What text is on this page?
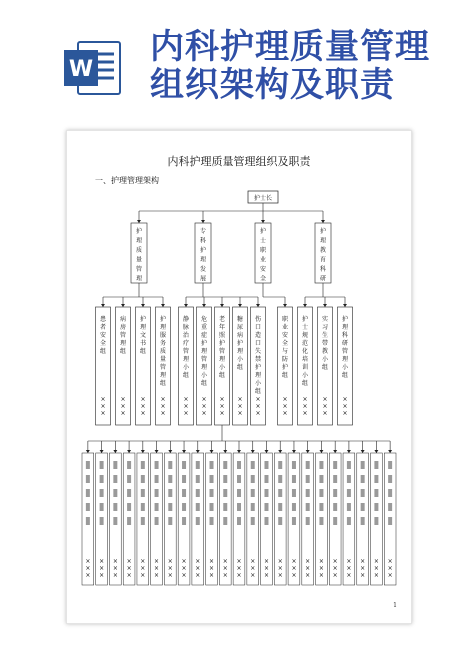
W
内科护理质量管理
组织架构及职责
内科护理质量管理组织及职责
一、护理管理架构
护士长
护
理
质
量
管
理
专
科
护
理
发
展
护
士
职
业
安
全
护
理
教
育
科
研
患
者
安
全
组
×
×
×
病
房
管
理
组
×
×
×
护
理
文
书
组
×
×
×
护
理
服
务
质
量
管
理
组
×
×
×
静
脉
治
疗
管
理
小
组
×
×
×
危
重
症
护
理
管
理
小
组
×
×
×
老
年
照
护
管
理
小
组
×
×
×
糖
尿
病
护
理
小
组
×
×
×
伤
口
造
口
失
禁
护
理
小
组
×
×
×
职
业
安
全
与
防
护
组
×
×
×
护
士
规
范
化
培
训
小
组
×
×
×
实
习
生
带
教
小
组
×
×
×
护
理
科
研
管
理
小
组
×
×
×
×
×
×
×
×
×
×
×
×
×
×
×
×
×
×
×
×
×
×
×
×
×
×
×
×
×
×
×
×
×
×
×
×
×
×
×
×
×
×
×
×
×
×
×
×
×
×
×
×
×
×
×
×
×
×
×
×
×
×
×
×
×
×
×
×
×
×
×
×
1
